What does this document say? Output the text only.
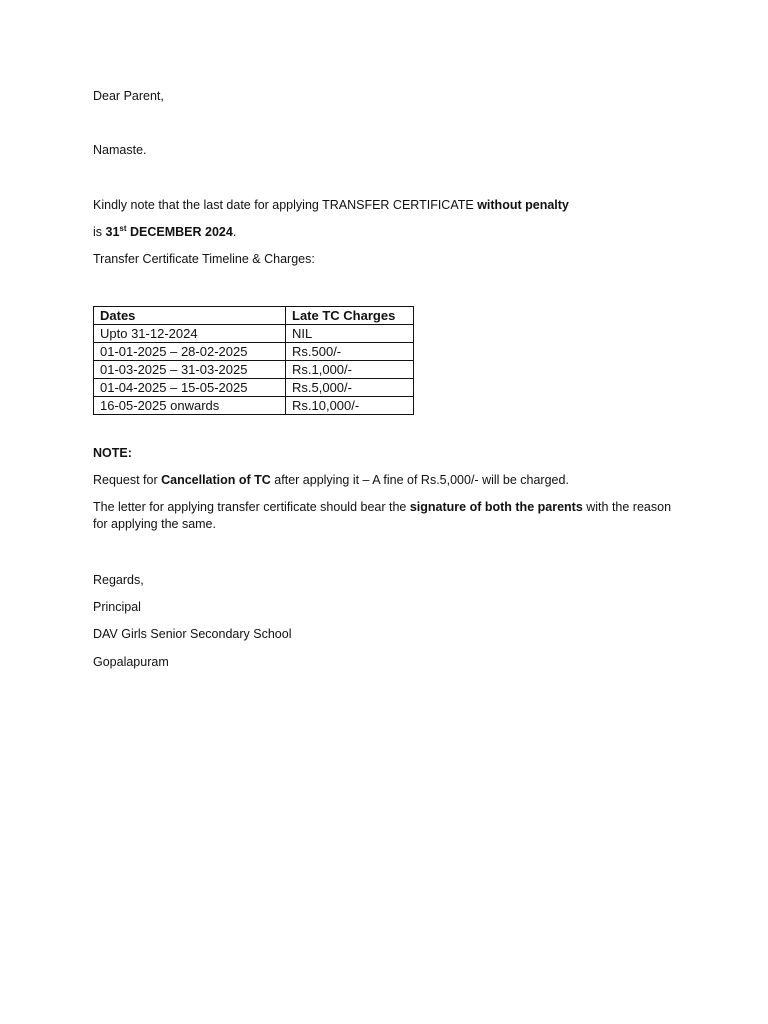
Dear Parent,
Namaste.
Kindly note that the last date for applying TRANSFER CERTIFICATE without penalty
is 31st DECEMBER 2024.
Transfer Certificate Timeline & Charges:
Dates	Late TC Charges
Upto 31-12-2024	NIL
01-01-2025 – 28-02-2025	Rs.500/-
01-03-2025 – 31-03-2025	Rs.1,000/-
01-04-2025 – 15-05-2025	Rs.5,000/-
16-05-2025 onwards	Rs.10,000/-
NOTE:
Request for Cancellation of TC after applying it – A fine of Rs.5,000/- will be charged.
The letter for applying transfer certificate should bear the signature of both the parents with the reason for applying the same.
Regards,
Principal
DAV Girls Senior Secondary School
Gopalapuram
